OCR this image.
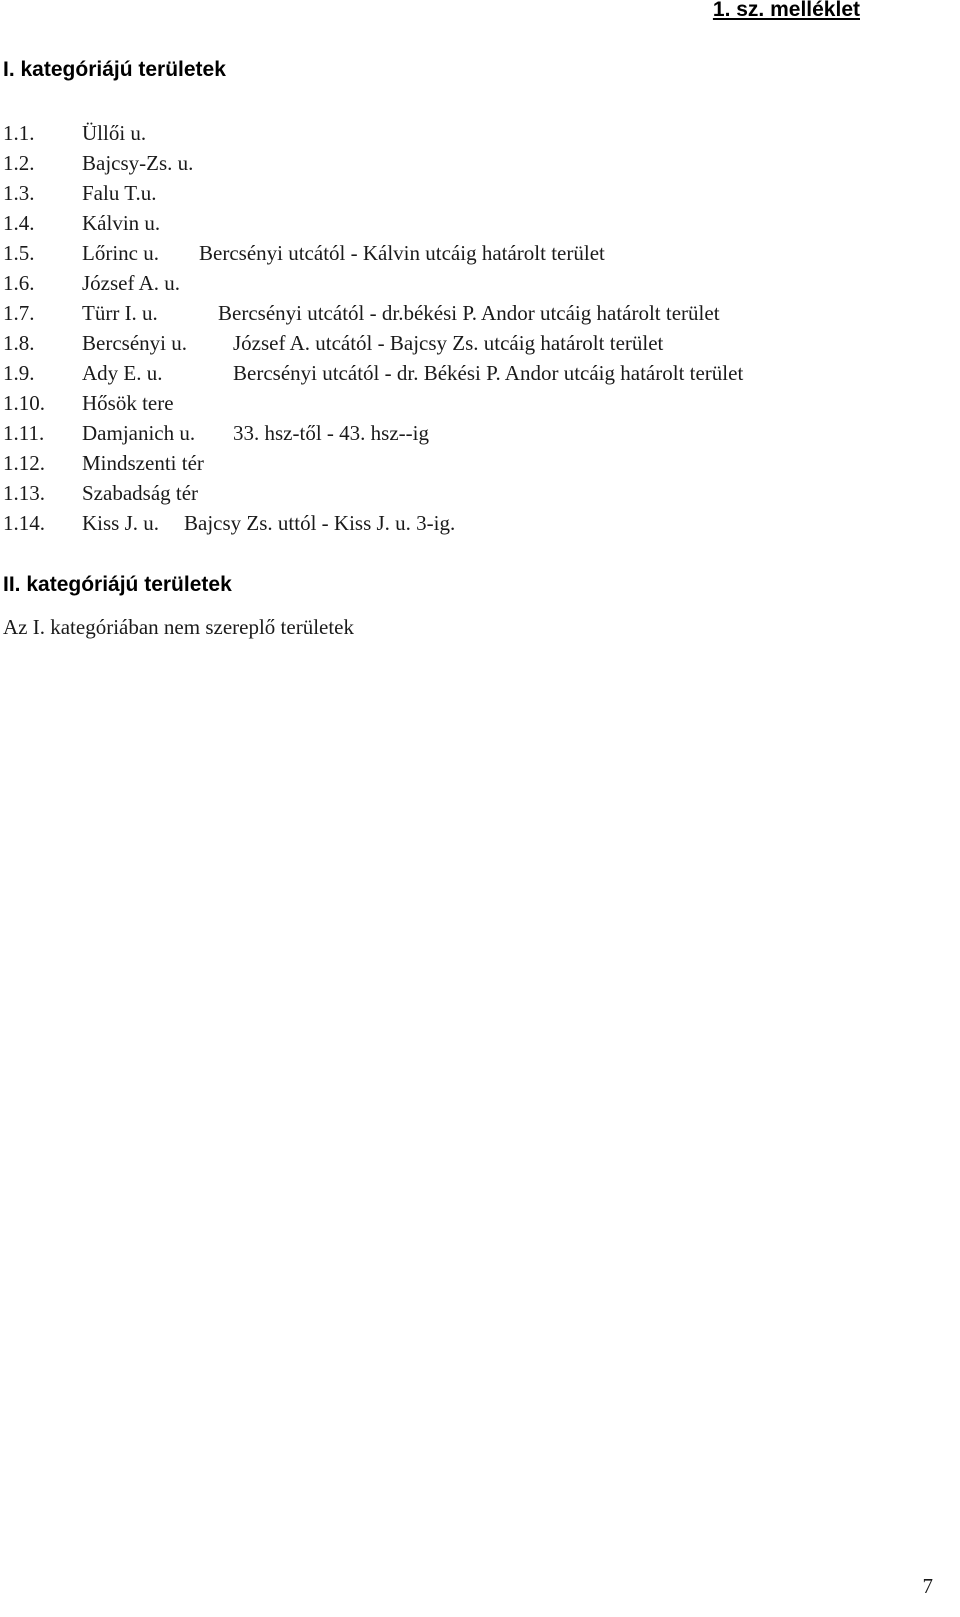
1. sz. melléklet
I. kategóriájú területek
1.1. Üllői u.
1.2. Bajcsy-Zs. u.
1.3. Falu T.u.
1.4. Kálvin u.
1.5. Lőrinc u. Bercsényi utcától - Kálvin utcáig határolt terület
1.6. József A. u.
1.7. Türr I. u.	Bercsényi utcától - dr.békési P. Andor utcáig határolt terület
1.8. Bercsényi u. József A. utcától - Bajcsy Zs. utcáig határolt terület
1.9. Ady E. u.	Bercsényi utcától - dr. Békési P. Andor utcáig határolt terület
1.10. Hősök tere
1.11. Damjanich u. 33. hsz-től - 43. hsz--ig
1.12. Mindszenti tér
1.13. Szabadság tér
1.14. Kiss J. u. Bajcsy Zs. uttól - Kiss J. u. 3-ig.
II. kategóriájú területek
Az I. kategóriában nem szereplő területek
7
